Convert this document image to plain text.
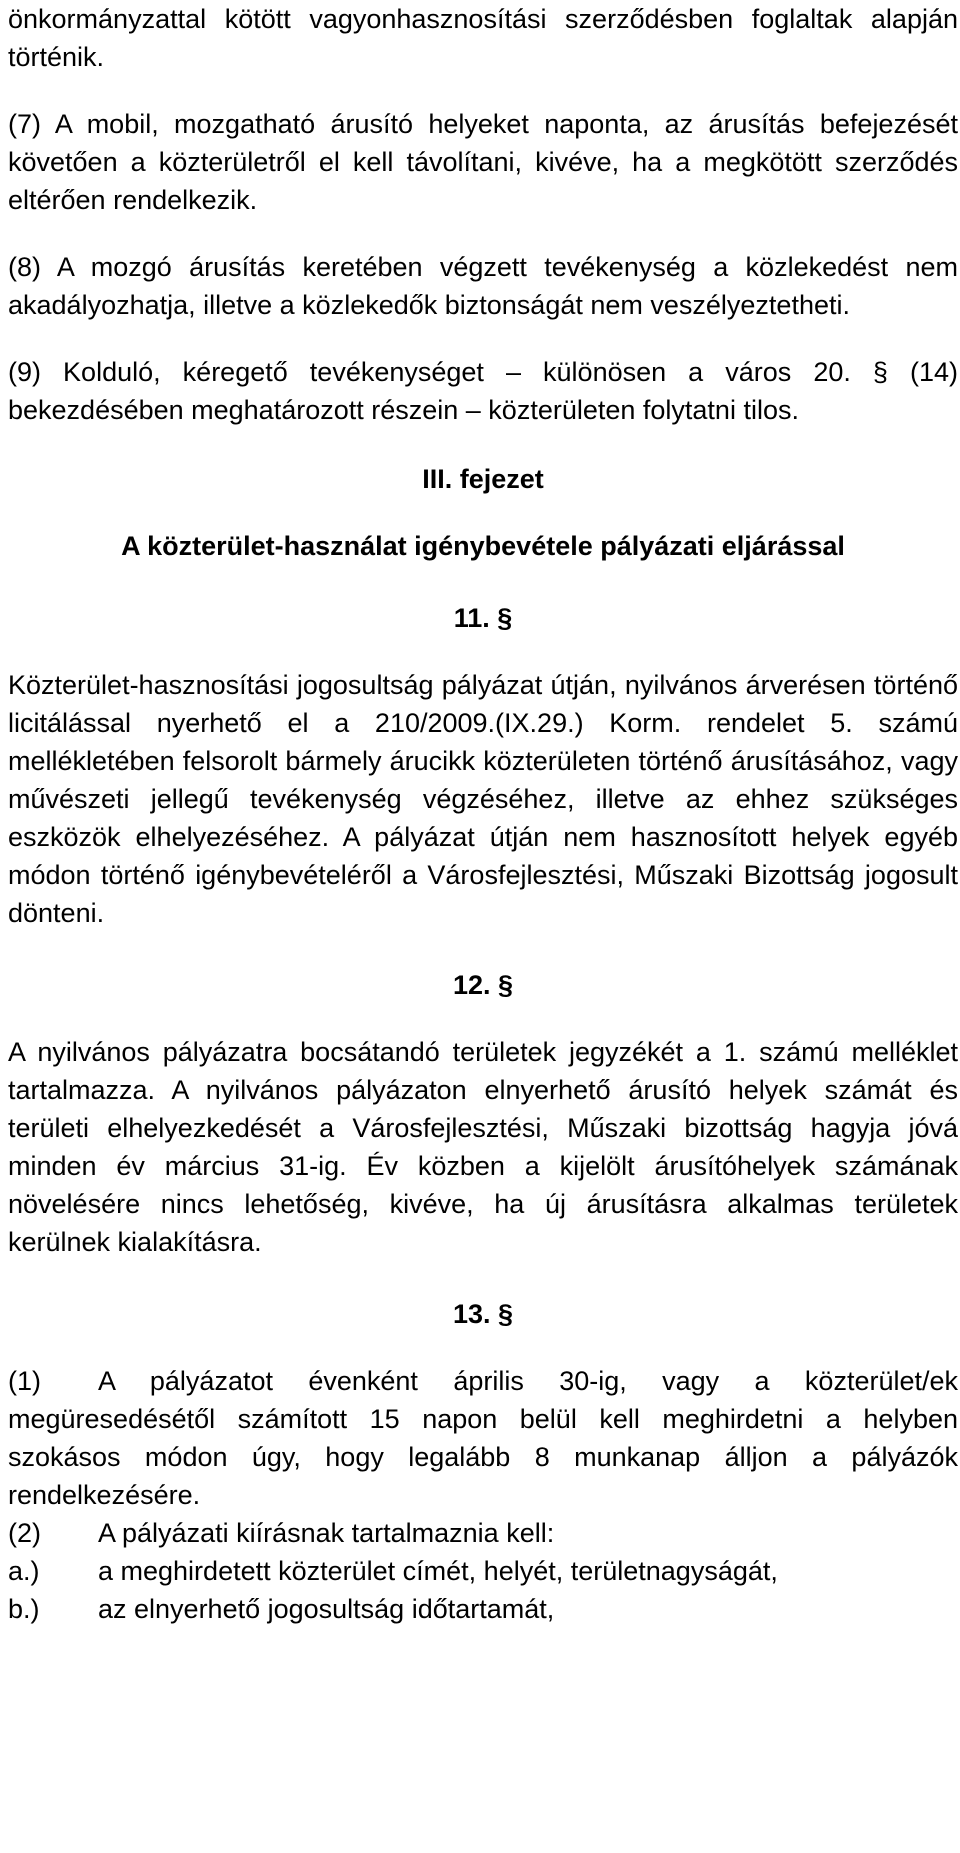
önkormányzattal kötött vagyonhasznosítási szerződésben foglaltak alapján történik.

(7) A mobil, mozgatható árusító helyeket naponta, az árusítás befejezését követően a közterületről el kell távolítani, kivéve, ha a megkötött szerződés eltérően rendelkezik.

(8) A mozgó árusítás keretében végzett tevékenység a közlekedést nem akadályozhatja, illetve a közlekedők biztonságát nem veszélyeztetheti.

(9) Kolduló, kéregető tevékenységet – különösen a város 20. § (14) bekezdésében meghatározott részein – közterületen folytatni tilos.

III. fejezet

A közterület-használat igénybevétele pályázati eljárással

11. §

Közterület-hasznosítási jogosultság pályázat útján, nyilvános árverésen történő licitálással nyerhető el a 210/2009.(IX.29.) Korm. rendelet 5. számú mellékletében felsorolt bármely árucikk közterületen történő árusításához, vagy művészeti jellegű tevékenység végzéséhez, illetve az ehhez szükséges eszközök elhelyezéséhez. A pályázat útján nem hasznosított helyek egyéb módon történő igénybevételéről a Városfejlesztési, Műszaki Bizottság jogosult dönteni.

12. §

A nyilvános pályázatra bocsátandó területek jegyzékét a 1. számú melléklet tartalmazza. A nyilvános pályázaton elnyerhető árusító helyek számát és területi elhelyezkedését a Városfejlesztési, Műszaki bizottság hagyja jóvá minden év március 31-ig. Év közben a kijelölt árusítóhelyek számának növelésére nincs lehetőség, kivéve, ha új árusításra alkalmas területek kerülnek kialakításra.

13. §

(1) A pályázatot évenként április 30-ig, vagy a közterület/ek megüresedésétől számított 15 napon belül kell meghirdetni a helyben szokásos módon úgy, hogy legalább 8 munkanap álljon a pályázók rendelkezésére.

(2)	A pályázati kiírásnak tartalmaznia kell:
a.)	a meghirdetett közterület címét, helyét, területnagyságát,
b.)	az elnyerhető jogosultság időtartamát,
